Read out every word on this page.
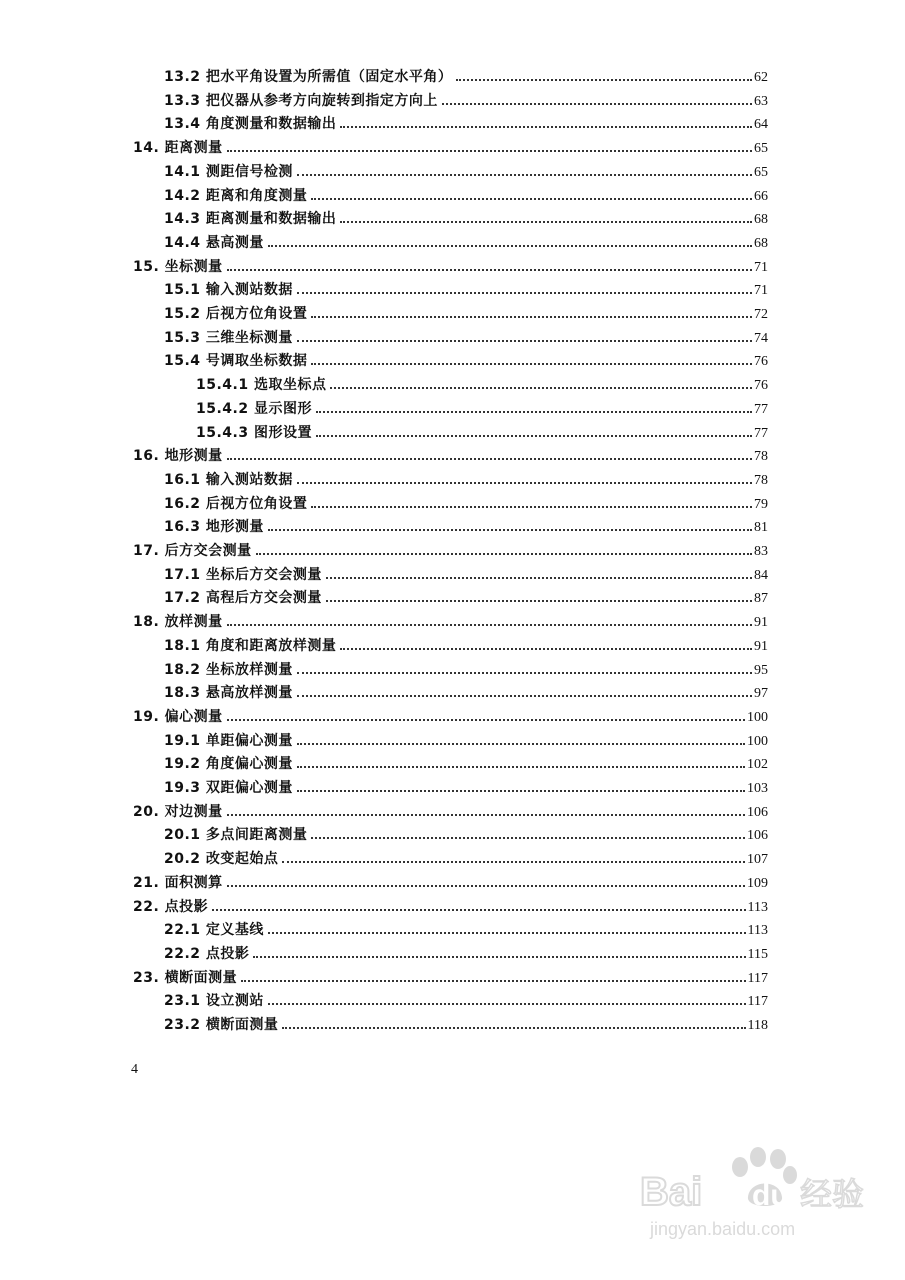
13.2 把水平角设置为所需值（固定水平角）	62
13.3 把仪器从参考方向旋转到指定方向上	63
13.4 角度测量和数据输出	64
14. 距离测量	65
14.1 测距信号检测	65
14.2 距离和角度测量	66
14.3 距离测量和数据输出	68
14.4 悬高测量	68
15. 坐标测量	71
15.1 输入测站数据	71
15.2 后视方位角设置	72
15.3 三维坐标测量	74
15.4 号调取坐标数据	76
15.4.1 选取坐标点	76
15.4.2 显示图形	77
15.4.3 图形设置	77
16. 地形测量	78
16.1 输入测站数据	78
16.2 后视方位角设置	79
16.3 地形测量	81
17. 后方交会测量	83
17.1 坐标后方交会测量	84
17.2 高程后方交会测量	87
18. 放样测量	91
18.1 角度和距离放样测量	91
18.2 坐标放样测量	95
18.3 悬高放样测量	97
19. 偏心测量	100
19.1 单距偏心测量	100
19.2 角度偏心测量	102
19.3 双距偏心测量	103
20. 对边测量	106
20.1 多点间距离测量	106
20.2 改变起始点	107
21. 面积测算	109
22. 点投影	113
22.1 定义基线	113
22.2 点投影	115
23. 横断面测量	117
23.1 设立测站	117
23.2 横断面测量	118
4
Bai du 经验
jingyan.baidu.com
